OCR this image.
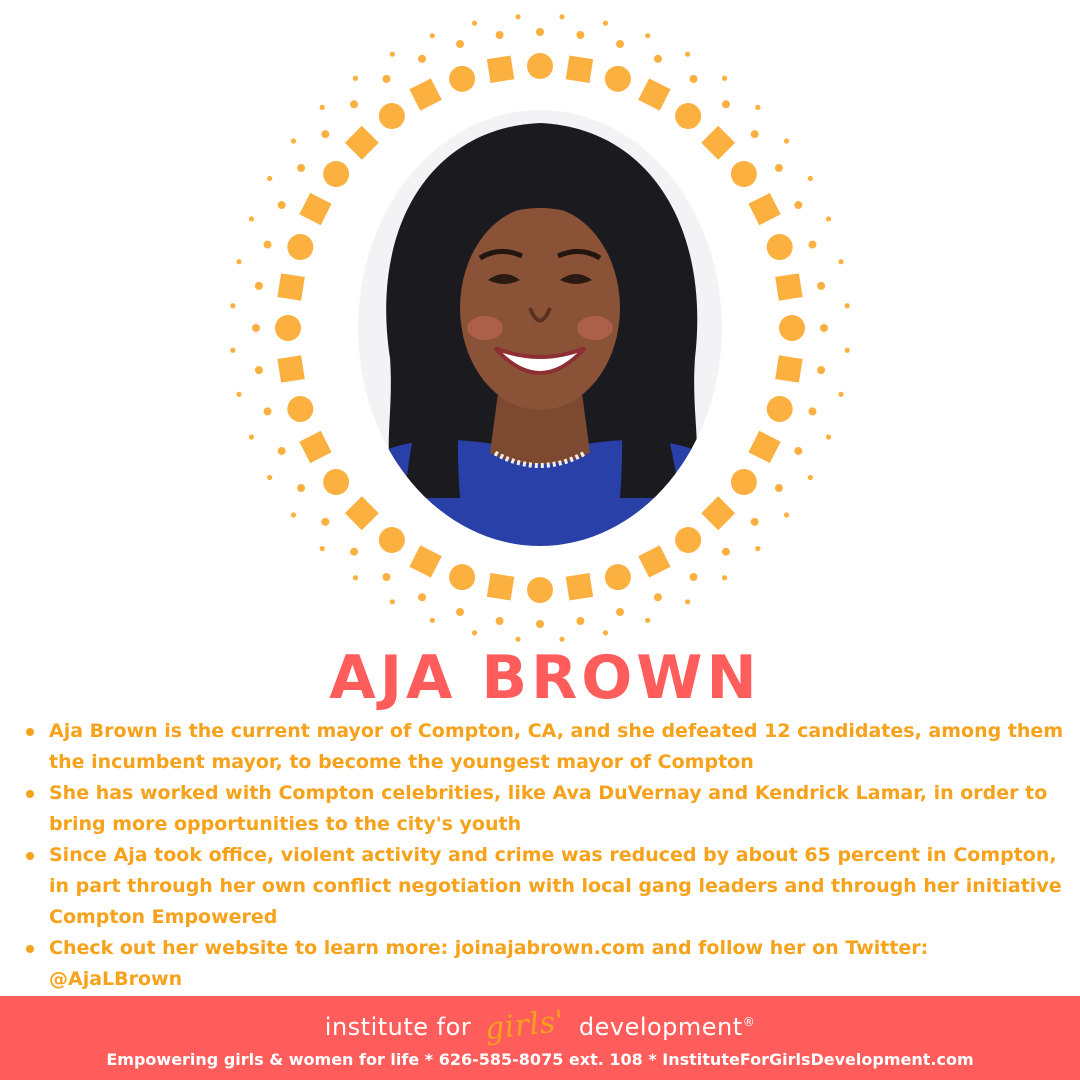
AJA BROWN
Aja Brown is the current mayor of Compton, CA, and she defeated 12 candidates, among them the incumbent mayor, to become the youngest mayor of Compton
She has worked with Compton celebrities, like Ava DuVernay and Kendrick Lamar, in order to bring more opportunities to the city's youth
Since Aja took office, violent activity and crime was reduced by about 65 percent in Compton, in part through her own conflict negotiation with local gang leaders and through her initiative Compton Empowered
Check out her website to learn more: joinajabrown.com and follow her on Twitter: @AjaLBrown
institute for girls' development®
Empowering girls & women for life * 626-585-8075 ext. 108 * InstituteForGirlsDevelopment.com
